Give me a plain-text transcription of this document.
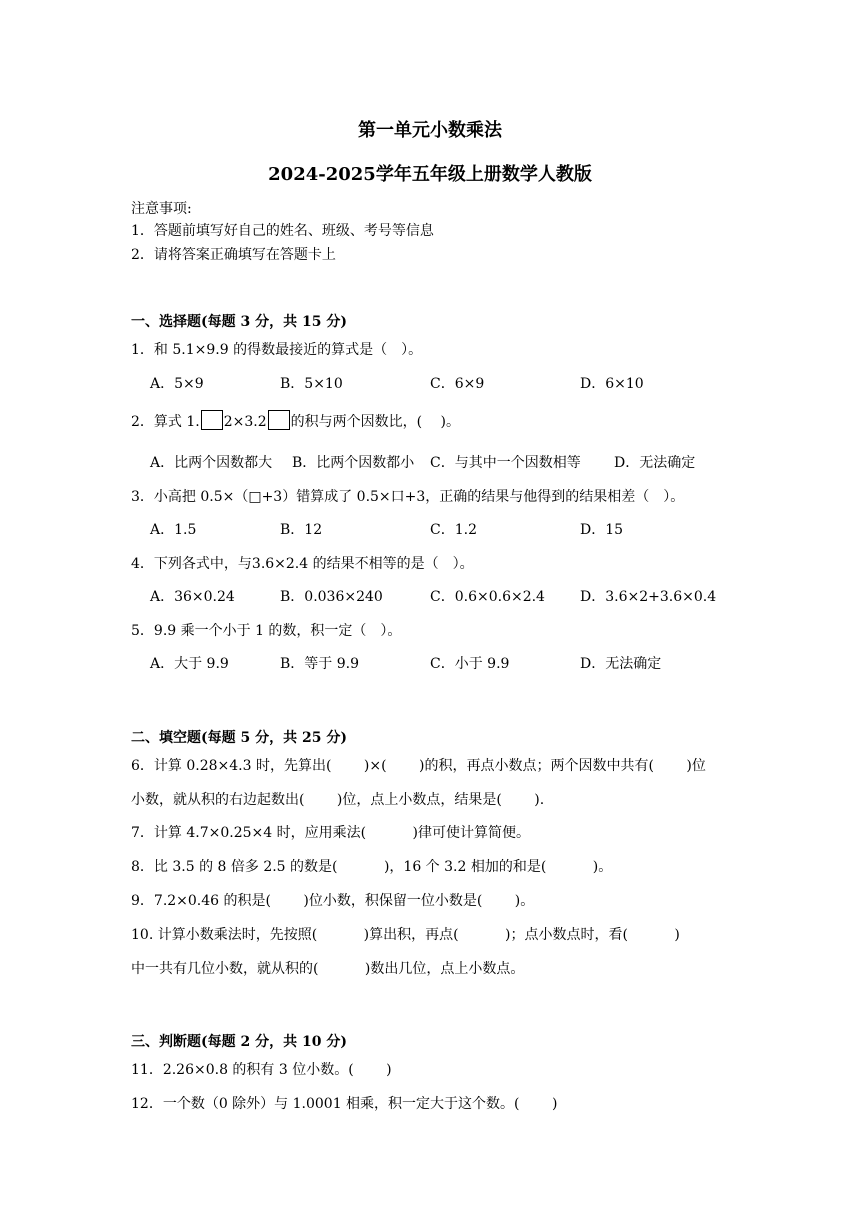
第一单元小数乘法
2024-2025学年五年级上册数学人教版
注意事项:
1．答题前填写好自己的姓名、班级、考号等信息
2．请将答案正确填写在答题卡上
一、选择题(每题 3 分，共 15 分)
1．和 5.1×9.9 的得数最接近的算式是（　）。
A．5×9	B．5×10	C．6×9	D．6×10
2．算式 1. 2×3.2 的积与两个因数比，(　 )。
A．比两个因数都大 B．比两个因数都小 C．与其中一个因数相等 D．无法确定
3．小高把 0.5×（□+3）错算成了 0.5×口+3，正确的结果与他得到的结果相差（　）。
A．1.5	B．12	C．1.2	D．15
4．下列各式中，与3.6×2.4 的结果不相等的是（　）。
A．36×0.24	B．0.036×240	C．0.6×0.6×2.4	D．3.6×2+3.6×0.4
5．9.9 乘一个小于 1 的数，积一定（　）。
A．大于 9.9	B．等于 9.9	C．小于 9.9	D．无法确定
二、填空题(每题 5 分，共 25 分)
6．计算 0.28×4.3 时，先算出(　　 )×(　　 )的积，再点小数点；两个因数中共有(　　 )位
小数，就从积的右边起数出(　　 )位，点上小数点，结果是(　　 ).
7．计算 4.7×0.25×4 时，应用乘法(　　　 )律可使计算简便。
8．比 3.5 的 8 倍多 2.5 的数是(　　　 )，16 个 3.2 相加的和是(　　　 )。
9．7.2×0.46 的积是(　　 )位小数，积保留一位小数是(　　 )。
10. 计算小数乘法时，先按照(　　　 )算出积，再点(　　　 )；点小数点时，看(　　　 )
中一共有几位小数，就从积的(　　　 )数出几位，点上小数点。
三、判断题(每题 2 分，共 10 分)
11．2.26×0.8 的积有 3 位小数。(　　 )
12．一个数（0 除外）与 1.0001 相乘，积一定大于这个数。(　　 )
